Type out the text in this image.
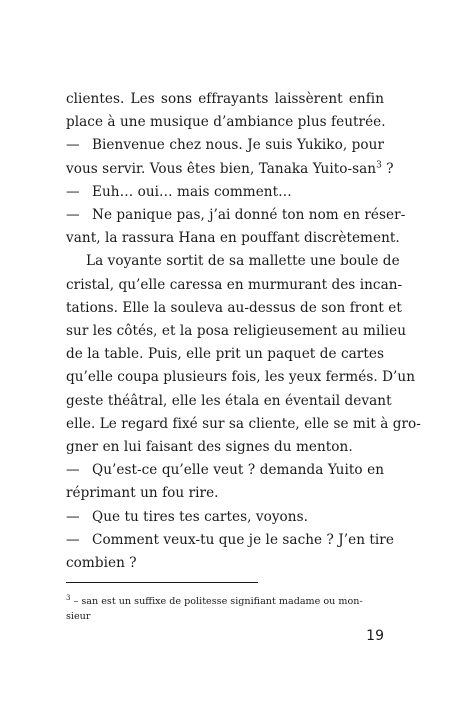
clientes. Les sons effrayants laissèrent enfin
place à une musique d’ambiance plus feutrée.
— Bienvenue chez nous. Je suis Yukiko, pour
vous servir. Vous êtes bien, Tanaka Yuito-san$^3$ ?
— Euh… oui… mais comment…
— Ne panique pas, j’ai donné ton nom en réser-
vant, la rassura Hana en pouffant discrètement.
La voyante sortit de sa mallette une boule de
cristal, qu’elle caressa en murmurant des incan-
tations. Elle la souleva au-dessus de son front et
sur les côtés, et la posa religieusement au milieu
de la table. Puis, elle prit un paquet de cartes
qu’elle coupa plusieurs fois, les yeux fermés. D’un
geste théâtral, elle les étala en éventail devant
elle. Le regard fixé sur sa cliente, elle se mit à gro-
gner en lui faisant des signes du menton.
— Qu’est-ce qu’elle veut ? demanda Yuito en
réprimant un fou rire.
— Que tu tires tes cartes, voyons.
— Comment veux-tu que je le sache ? J’en tire
combien ?
$^3$ – san est un suffixe de politesse signifiant madame ou mon-
sieur
19
